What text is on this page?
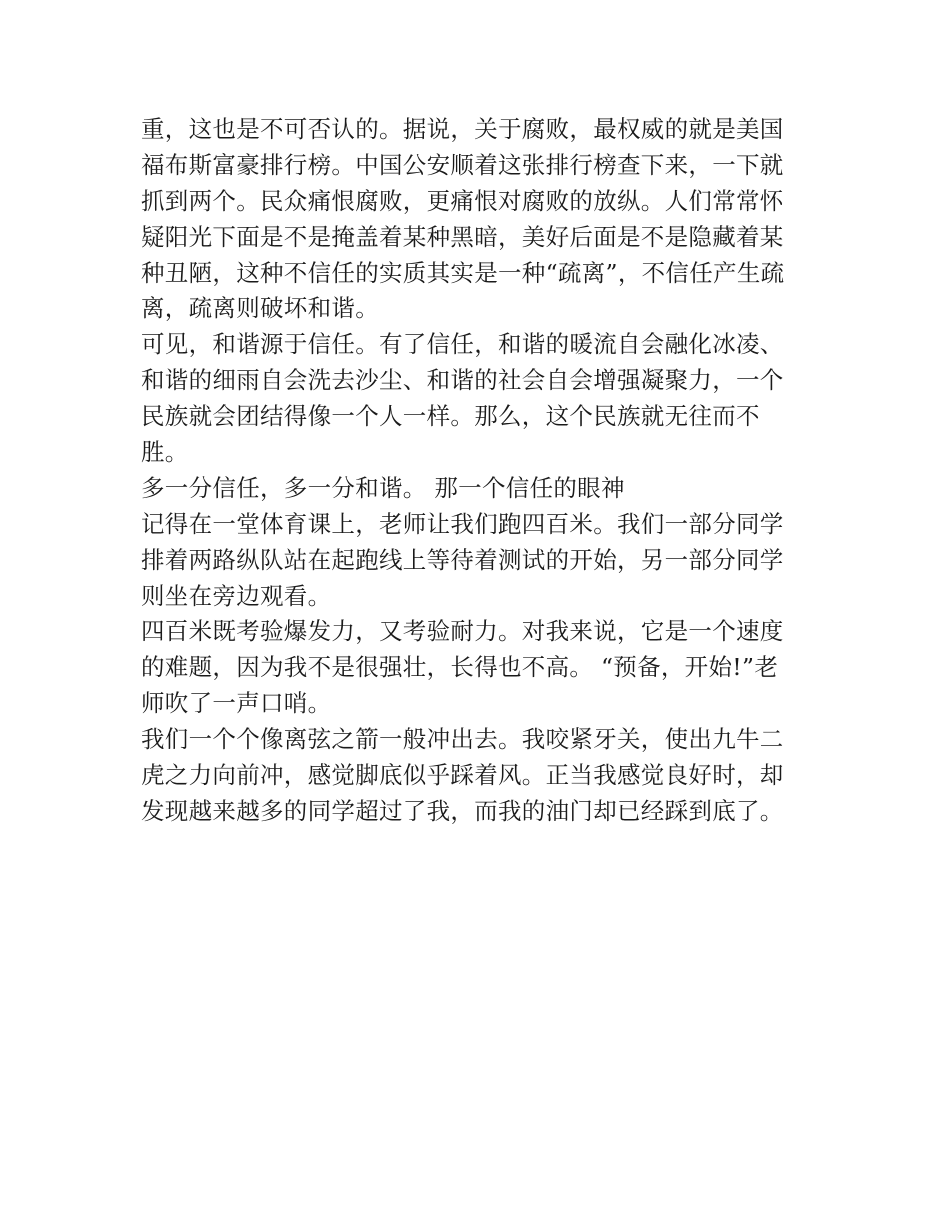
重，这也是不可否认的。据说，关于腐败，最权威的就是美国
福布斯富豪排行榜。中国公安顺着这张排行榜查下来，一下就
抓到两个。民众痛恨腐败，更痛恨对腐败的放纵。人们常常怀
疑阳光下面是不是掩盖着某种黑暗，美好后面是不是隐藏着某
种丑陋，这种不信任的实质其实是一种“疏离”，不信任产生疏
离，疏离则破坏和谐。
可见，和谐源于信任。有了信任，和谐的暖流自会融化冰凌、
和谐的细雨自会洗去沙尘、和谐的社会自会增强凝聚力，一个
民族就会团结得像一个人一样。那么，这个民族就无往而不
胜。
多一分信任，多一分和谐。 那一个信任的眼神
记得在一堂体育课上，老师让我们跑四百米。我们一部分同学
排着两路纵队站在起跑线上等待着测试的开始，另一部分同学
则坐在旁边观看。
四百米既考验爆发力，又考验耐力。对我来说，它是一个速度
的难题，因为我不是很强壮，长得也不高。 “预备，开始!”老
师吹了一声口哨。
我们一个个像离弦之箭一般冲出去。我咬紧牙关，使出九牛二
虎之力向前冲，感觉脚底似乎踩着风。正当我感觉良好时，却
发现越来越多的同学超过了我，而我的油门却已经踩到底了。
